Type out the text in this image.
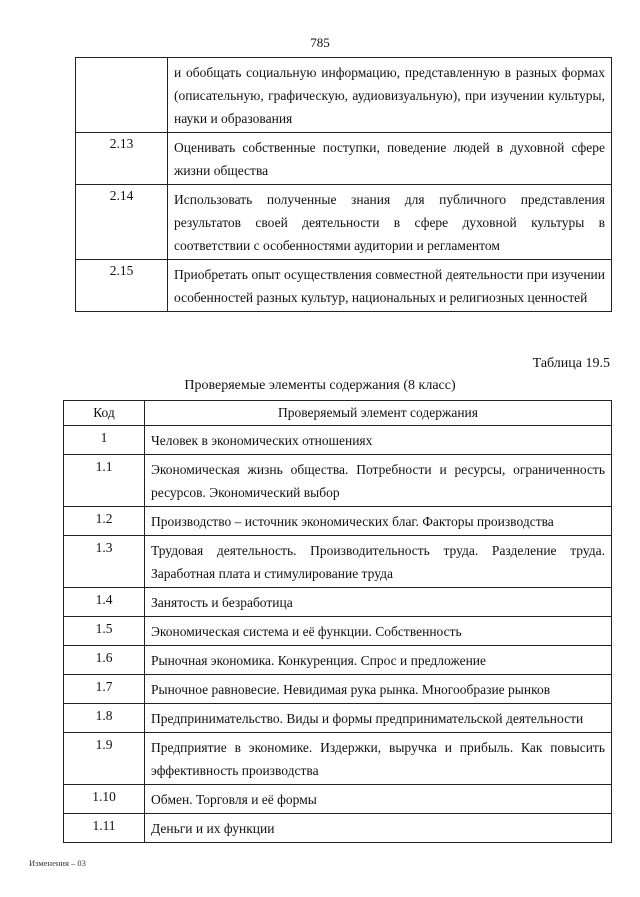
785
	и обобщать социальную информацию, представленную в разных формах (описательную, графическую, аудиовизуальную), при изучении культуры, науки и образования
2.13	Оценивать собственные поступки, поведение людей в духовной сфере жизни общества
2.14	Использовать полученные знания для публичного представления результатов своей деятельности в сфере духовной культуры в соответствии с особенностями аудитории и регламентом
2.15	Приобретать опыт осуществления совместной деятельности при изучении особенностей разных культур, национальных и религиозных ценностей
Таблица 19.5
Проверяемые элементы содержания (8 класс)
Код	Проверяемый элемент содержания
1	Человек в экономических отношениях
1.1	Экономическая жизнь общества. Потребности и ресурсы, ограниченность ресурсов. Экономический выбор
1.2	Производство – источник экономических благ. Факторы производства
1.3	Трудовая деятельность. Производительность труда. Разделение труда. Заработная плата и стимулирование труда
1.4	Занятость и безработица
1.5	Экономическая система и её функции. Собственность
1.6	Рыночная экономика. Конкуренция. Спрос и предложение
1.7	Рыночное равновесие. Невидимая рука рынка. Многообразие рынков
1.8	Предпринимательство. Виды и формы предпринимательской деятельности
1.9	Предприятие в экономике. Издержки, выручка и прибыль. Как повысить эффективность производства
1.10	Обмен. Торговля и её формы
1.11	Деньги и их функции
Изменения – 03
